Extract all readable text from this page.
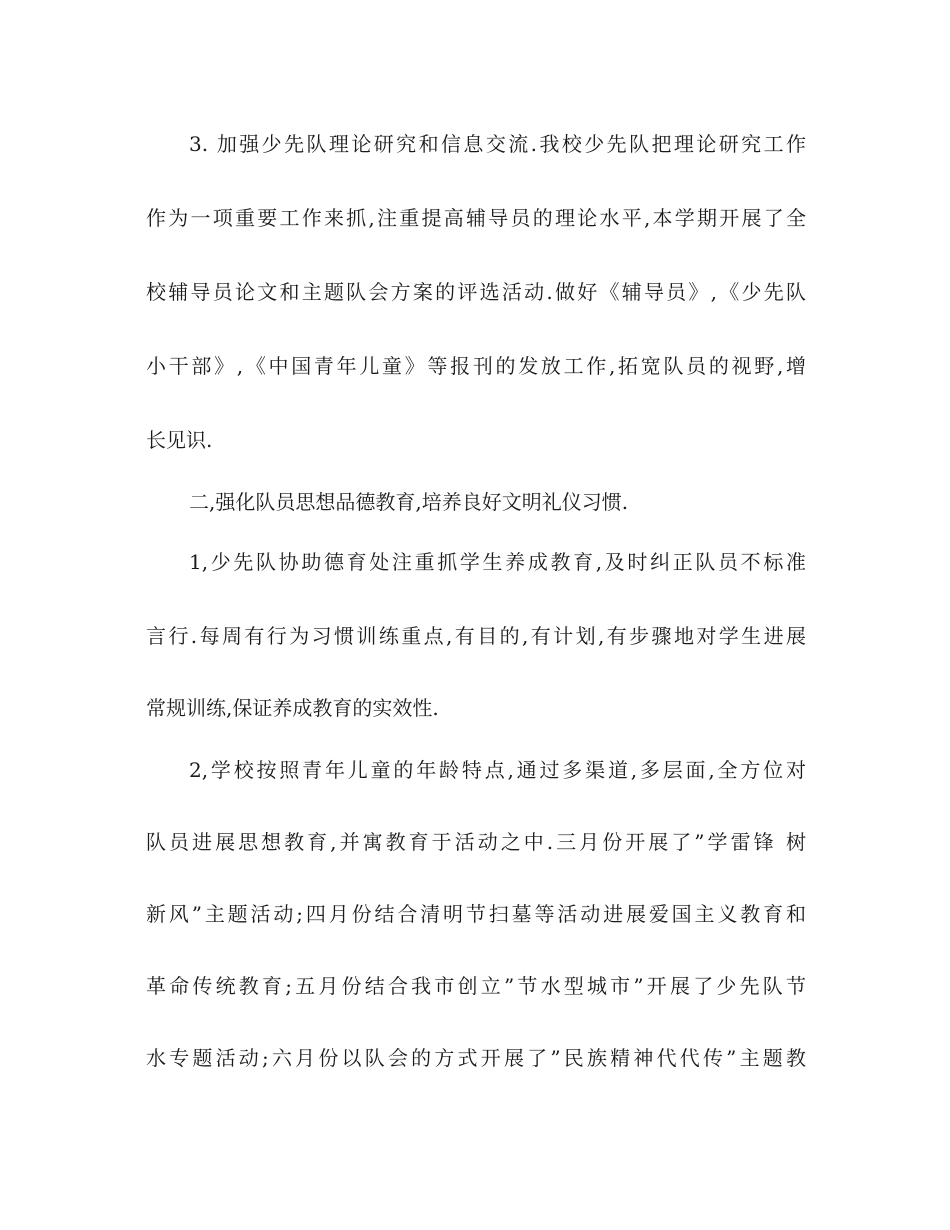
3. 加强少先队理论研究和信息交流.我校少先队把理论研究工作
作为一项重要工作来抓,注重提高辅导员的理论水平,本学期开展了全
校辅导员论文和主题队会方案的评选活动.做好《辅导员》,《少先队
小干部》,《中国青年儿童》等报刊的发放工作,拓宽队员的视野,增
长见识.
二,强化队员思想品德教育,培养良好文明礼仪习惯.
1,少先队协助德育处注重抓学生养成教育,及时纠正队员不标准
言行.每周有行为习惯训练重点,有目的,有计划,有步骤地对学生进展
常规训练,保证养成教育的实效性.
2,学校按照青年儿童的年龄特点,通过多渠道,多层面,全方位对
队员进展思想教育,并寓教育于活动之中.三月份开展了”学雷锋 树
新风”主题活动;四月份结合清明节扫墓等活动进展爱国主义教育和
革命传统教育;五月份结合我市创立”节水型城市”开展了少先队节
水专题活动;六月份以队会的方式开展了”民族精神代代传”主题教
